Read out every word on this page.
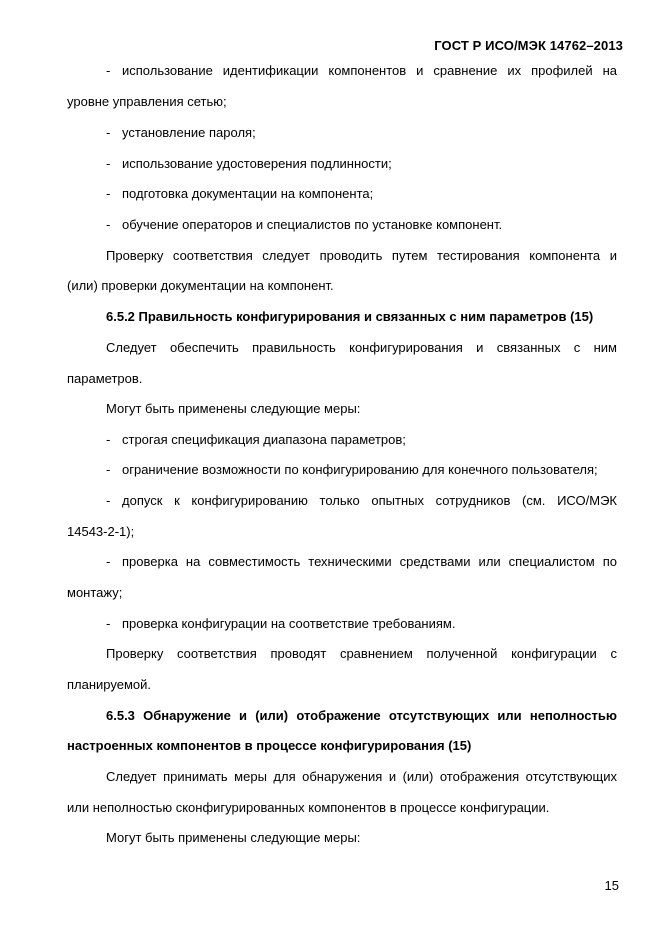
ГОСТ Р ИСО/МЭК 14762–2013
- использование идентификации компонентов и сравнение их профилей на
уровне управления сетью;
- установление пароля;
- использование удостоверения подлинности;
- подготовка документации на компонента;
- обучение операторов и специалистов по установке компонент.
Проверку соответствия следует проводить путем тестирования компонента и
(или) проверки документации на компонент.
6.5.2 Правильность конфигурирования и связанных с ним параметров (15)
Следует обеспечить правильность конфигурирования и связанных с ним
параметров.
Могут быть применены следующие меры:
- строгая спецификация диапазона параметров;
- ограничение возможности по конфигурированию для конечного пользователя;
- допуск к конфигурированию только опытных сотрудников (см. ИСО/МЭК
14543-2-1);
- проверка на совместимость техническими средствами или специалистом по
монтажу;
- проверка конфигурации на соответствие требованиям.
Проверку соответствия проводят сравнением полученной конфигурации с
планируемой.
6.5.3 Обнаружение и (или) отображение отсутствующих или неполностью
настроенных компонентов в процессе конфигурирования (15)
Следует принимать меры для обнаружения и (или) отображения отсутствующих
или неполностью сконфигурированных компонентов в процессе конфигурации.
Могут быть применены следующие меры:
15
